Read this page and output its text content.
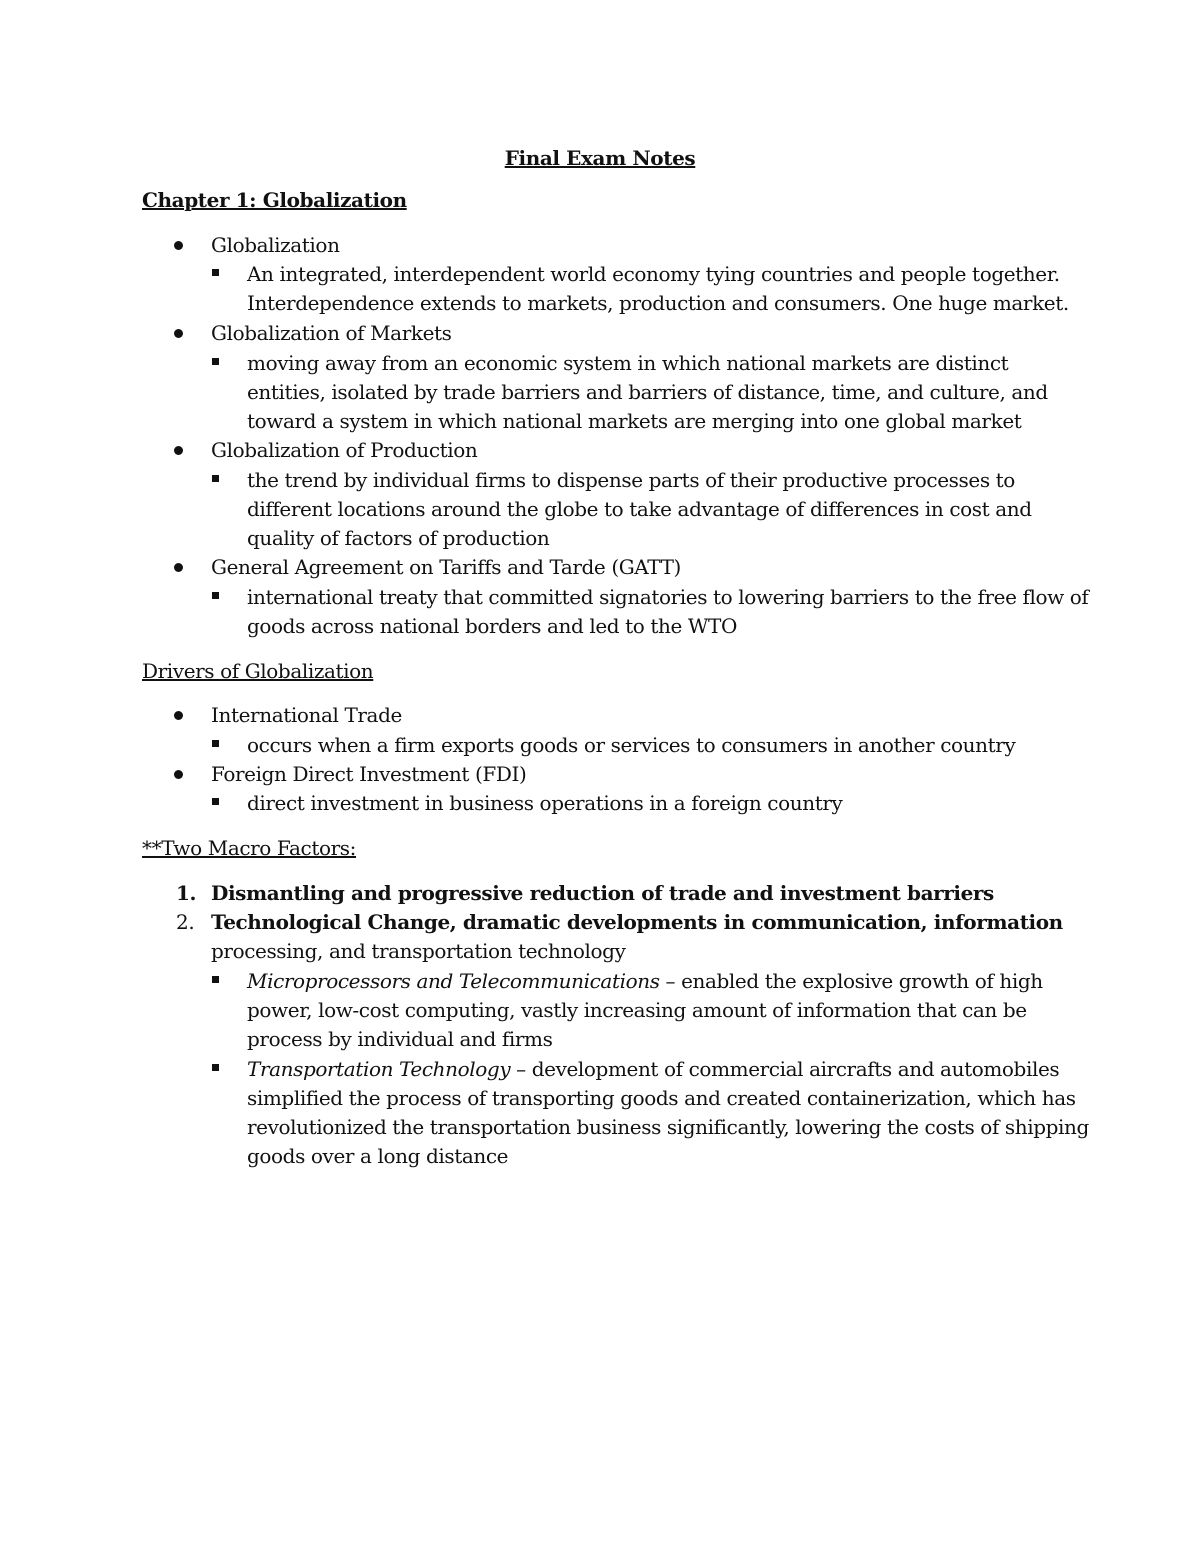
Final Exam Notes
Chapter 1: Globalization
Globalization
An integrated, interdependent world economy tying countries and people together.
Interdependence extends to markets, production and consumers. One huge market.
Globalization of Markets
moving away from an economic system in which national markets are distinct
entities, isolated by trade barriers and barriers of distance, time, and culture, and
toward a system in which national markets are merging into one global market
Globalization of Production
the trend by individual firms to dispense parts of their productive processes to
different locations around the globe to take advantage of differences in cost and
quality of factors of production
General Agreement on Tariffs and Tarde (GATT)
international treaty that committed signatories to lowering barriers to the free flow of
goods across national borders and led to the WTO
Drivers of Globalization
International Trade
occurs when a firm exports goods or services to consumers in another country
Foreign Direct Investment (FDI)
direct investment in business operations in a foreign country
**Two Macro Factors:
1. Dismantling and progressive reduction of trade and investment barriers
2. Technological Change, dramatic developments in communication, information
processing, and transportation technology
Microprocessors and Telecommunications – enabled the explosive growth of high
power, low-cost computing, vastly increasing amount of information that can be
process by individual and firms
Transportation Technology – development of commercial aircrafts and automobiles
simplified the process of transporting goods and created containerization, which has
revolutionized the transportation business significantly, lowering the costs of shipping
goods over a long distance
